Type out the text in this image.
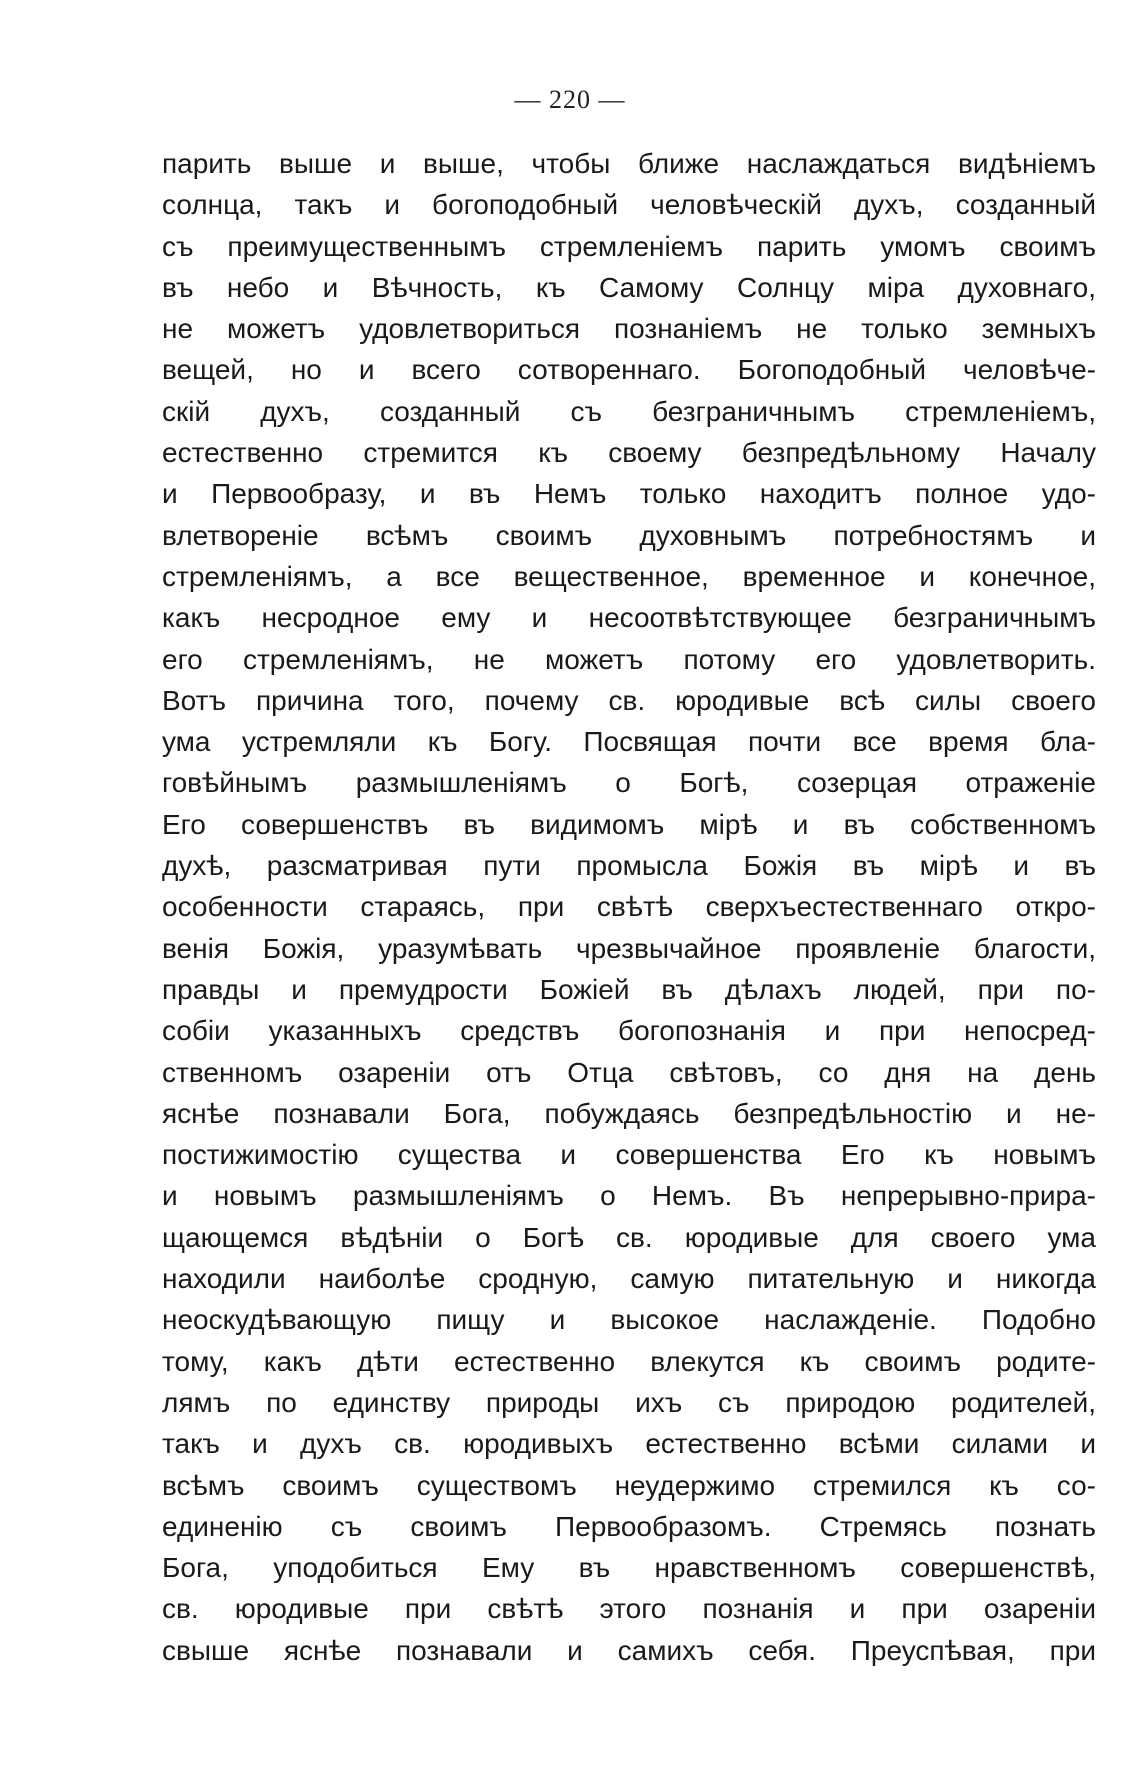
— 220 —
парить выше и выше, чтобы ближе наслаждаться видѣніемъ
солнца, такъ и богоподобный человѣческій духъ, созданный
съ преимущественнымъ стремленіемъ парить умомъ своимъ
въ небо и Вѣчность, къ Самому Солнцу міра духовнаго,
не можетъ удовлетвориться познаніемъ не только земныхъ
вещей, но и всего сотвореннаго. Богоподобный человѣче-
скій духъ, созданный съ безграничнымъ стремленіемъ,
естественно стремится къ своему безпредѣльному Началу
и Первообразу, и въ Немъ только находитъ полное удо-
влетвореніе всѣмъ своимъ духовнымъ потребностямъ и
стремленіямъ, а все вещественное, временное и конечное,
какъ несродное ему и несоотвѣтствующее безграничнымъ
его стремленіямъ, не можетъ потому его удовлетворить.
Вотъ причина того, почему св. юродивые всѣ силы своего
ума устремляли къ Богу. Посвящая почти все время бла-
говѣйнымъ размышленіямъ о Богѣ, созерцая отраженіе
Его совершенствъ въ видимомъ мірѣ и въ собственномъ
духѣ, разсматривая пути промысла Божія въ мірѣ и въ
особенности стараясь, при свѣтѣ сверхъестественнаго откро-
венія Божія, уразумѣвать чрезвычайное проявленіе благости,
правды и премудрости Божіей въ дѣлахъ людей, при по-
собіи указанныхъ средствъ богопознанія и при непосред-
ственномъ озареніи отъ Отца свѣтовъ, со дня на день
яснѣе познавали Бога, побуждаясь безпредѣльностію и не-
постижимостію существа и совершенства Его къ новымъ
и новымъ размышленіямъ о Немъ. Въ непрерывно-прира-
щающемся вѣдѣніи о Богѣ св. юродивые для своего ума
находили наиболѣе сродную, самую питательную и никогда
неоскудѣвающую пищу и высокое наслажденіе. Подобно
тому, какъ дѣти естественно влекутся къ своимъ родите-
лямъ по единству природы ихъ съ природою родителей,
такъ и духъ св. юродивыхъ естественно всѣми силами и
всѣмъ своимъ существомъ неудержимо стремился къ со-
единенію съ своимъ Первообразомъ. Стремясь познать
Бога, уподобиться Ему въ нравственномъ совершенствѣ,
св. юродивые при свѣтѣ этого познанія и при озареніи
свыше яснѣе познавали и самихъ себя. Преуспѣвая, при
